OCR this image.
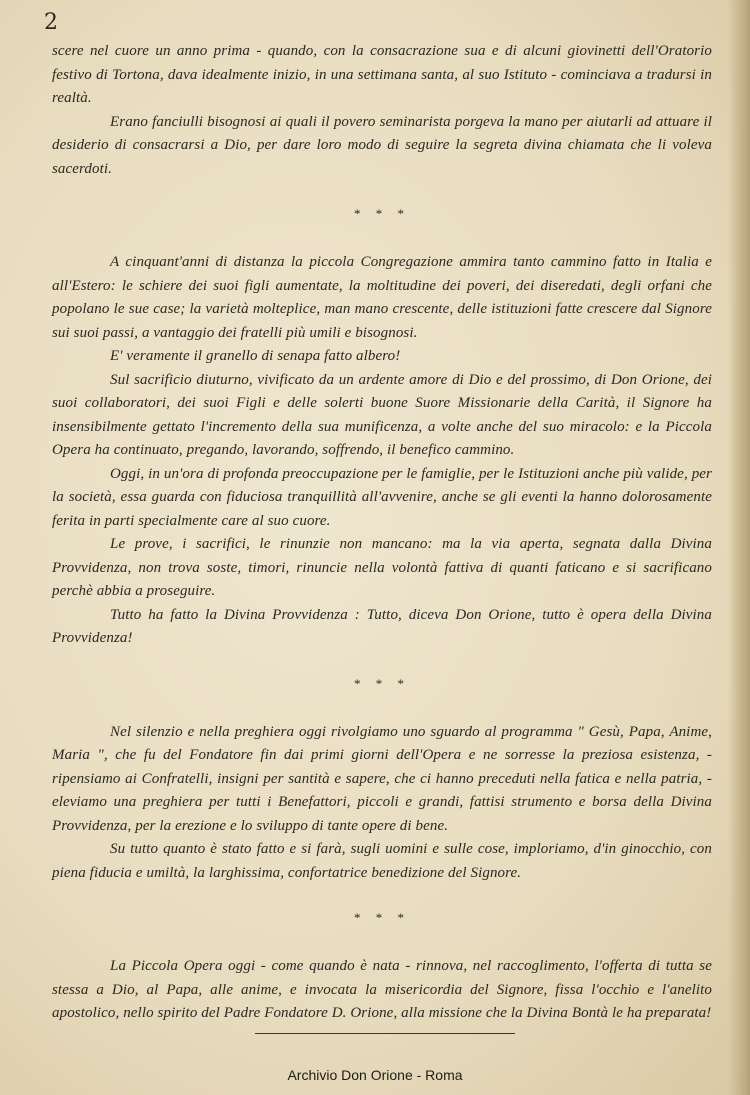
2

scere nel cuore un anno prima - quando, con la consacrazione sua e di alcuni giovinetti dell'Oratorio festivo di Tortona, dava idealmente inizio, in una settimana santa, al suo Istituto - cominciava a tradursi in realtà.

Erano fanciulli bisognosi ai quali il povero seminarista porgeva la mano per aiutarli ad attuare il desiderio di consacrarsi a Dio, per dare loro modo di seguire la segreta divina chiamata che li voleva sacerdoti.

* * *

A cinquant'anni di distanza la piccola Congregazione ammira tanto cammino fatto in Italia e all'Estero: le schiere dei suoi figli aumentate, la moltitudine dei poveri, dei diseredati, degli orfani che popolano le sue case; la varietà molteplice, man mano crescente, delle istituzioni fatte crescere dal Signore sui suoi passi, a vantaggio dei fratelli più umili e bisognosi.

E' veramente il granello di senapa fatto albero!

Sul sacrificio diuturno, vivificato da un ardente amore di Dio e del prossimo, di Don Orione, dei suoi collaboratori, dei suoi Figli e delle solerti buone Suore Missionarie della Carità, il Signore ha insensibilmente gettato l'incremento della sua munificenza, a volte anche del suo miracolo: e la Piccola Opera ha continuato, pregando, lavorando, soffrendo, il benefico cammino.

Oggi, in un'ora di profonda preoccupazione per le famiglie, per le Istituzioni anche più valide, per la società, essa guarda con fiduciosa tranquillità all'avvenire, anche se gli eventi la hanno dolorosamente ferita in parti specialmente care al suo cuore.

Le prove, i sacrifici, le rinunzie non mancano: ma la via aperta, segnata dalla Divina Provvidenza, non trova soste, timori, rinuncie nella volontà fattiva di quanti faticano e si sacrificano perchè abbia a proseguire.

Tutto ha fatto la Divina Provvidenza : Tutto, diceva Don Orione, tutto è opera della Divina Provvidenza!

* * *

Nel silenzio e nella preghiera oggi rivolgiamo uno sguardo al programma " Gesù, Papa, Anime, Maria ", che fu del Fondatore fin dai primi giorni dell'Opera e ne sorresse la preziosa esistenza, - ripensiamo ai Confratelli, insigni per santità e sapere, che ci hanno preceduti nella fatica e nella patria, - eleviamo una preghiera per tutti i Benefattori, piccoli e grandi, fattisi strumento e borsa della Divina Provvidenza, per la erezione e lo sviluppo di tante opere di bene.

Su tutto quanto è stato fatto e si farà, sugli uomini e sulle cose, imploriamo, d'in ginocchio, con piena fiducia e umiltà, la larghissima, confortatrice benedizione del Signore.

* * *

La Piccola Opera oggi - come quando è nata - rinnova, nel raccoglimento, l'offerta di tutta se stessa a Dio, al Papa, alle anime, e invocata la misericordia del Signore, fissa l'occhio e l'anelito apostolico, nello spirito del Padre Fondatore D. Orione, alla missione che la Divina Bontà le ha preparata!

Archivio Don Orione - Roma
